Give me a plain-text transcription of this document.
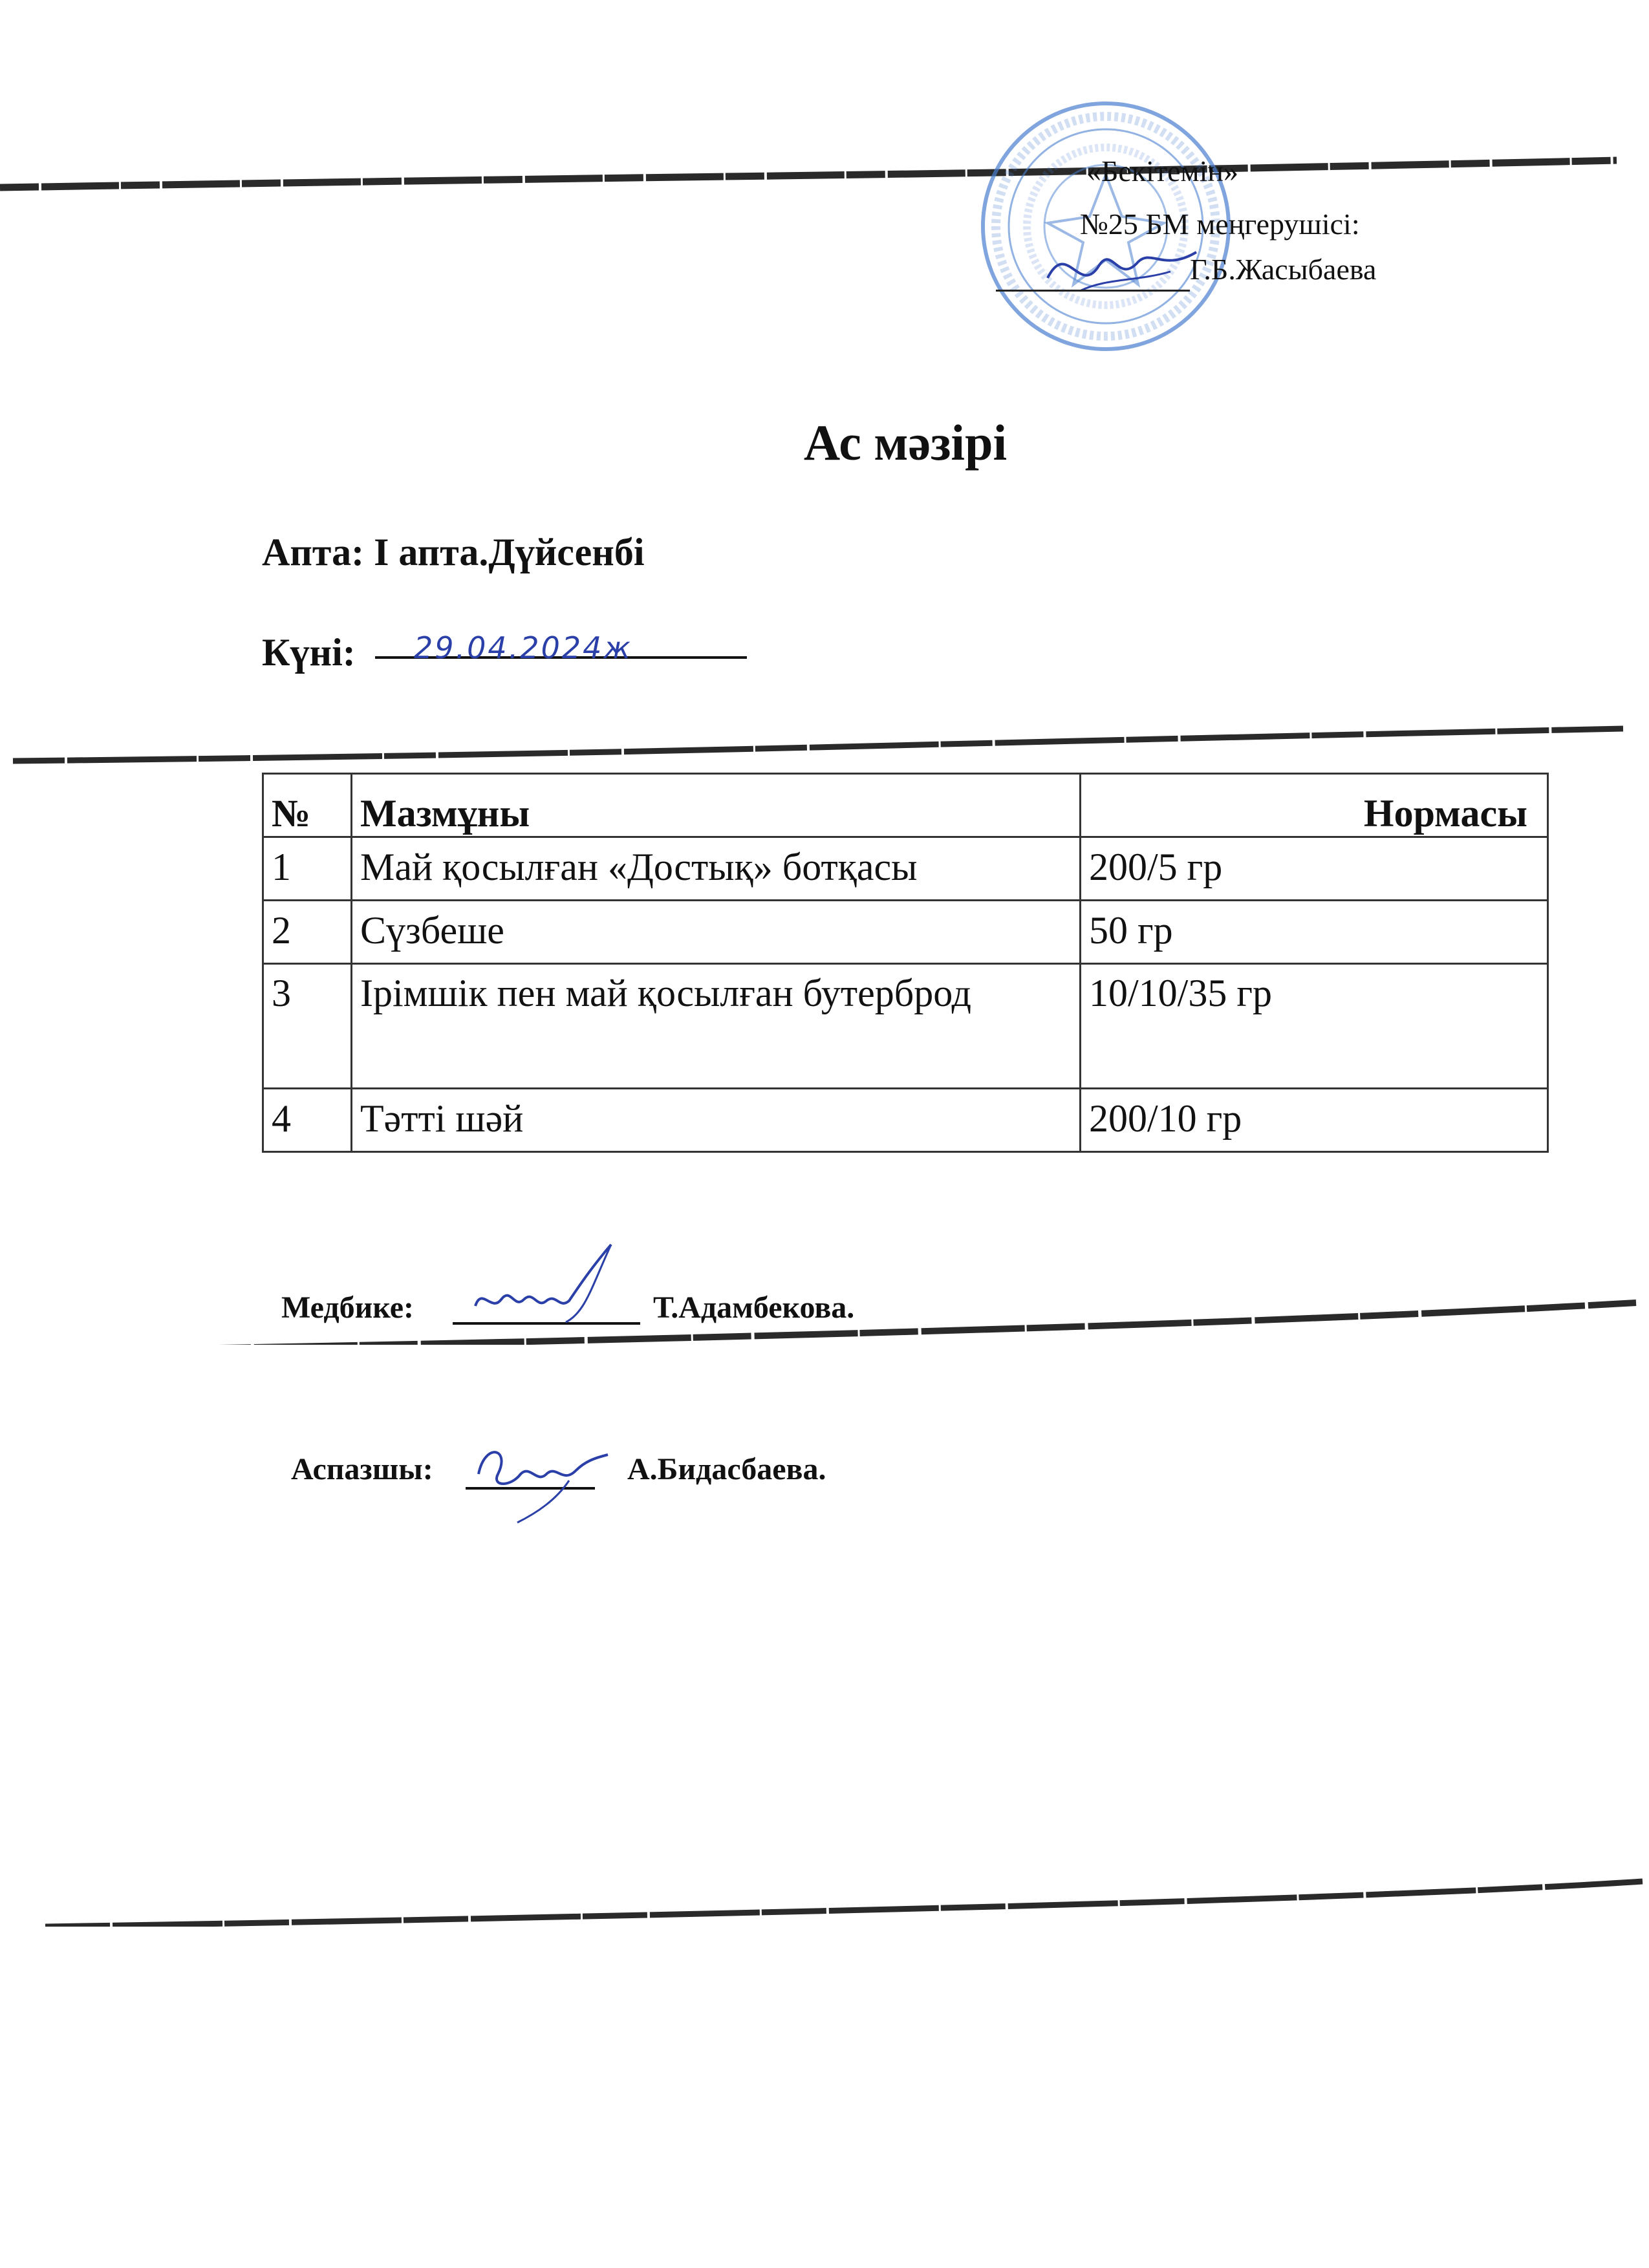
«Бекітемін»
№25 БМ меңгерушісі:
Г.Б.Жасыбаева
Ас мәзірі
Апта: І апта.Дүйсенбі
Күні: 29.04.2024ж
№	Мазмұны	Нормасы
1	Май қосылған «Достық» ботқасы	200/5 гр
2	Сүзбеше	50 гр
3	Ірімшік пен май қосылған бутерброд	10/10/35 гр
4	Тәтті шәй	200/10 гр
Медбике:	Т.Адамбекова.
Аспазшы:	А.Бидасбаева.
